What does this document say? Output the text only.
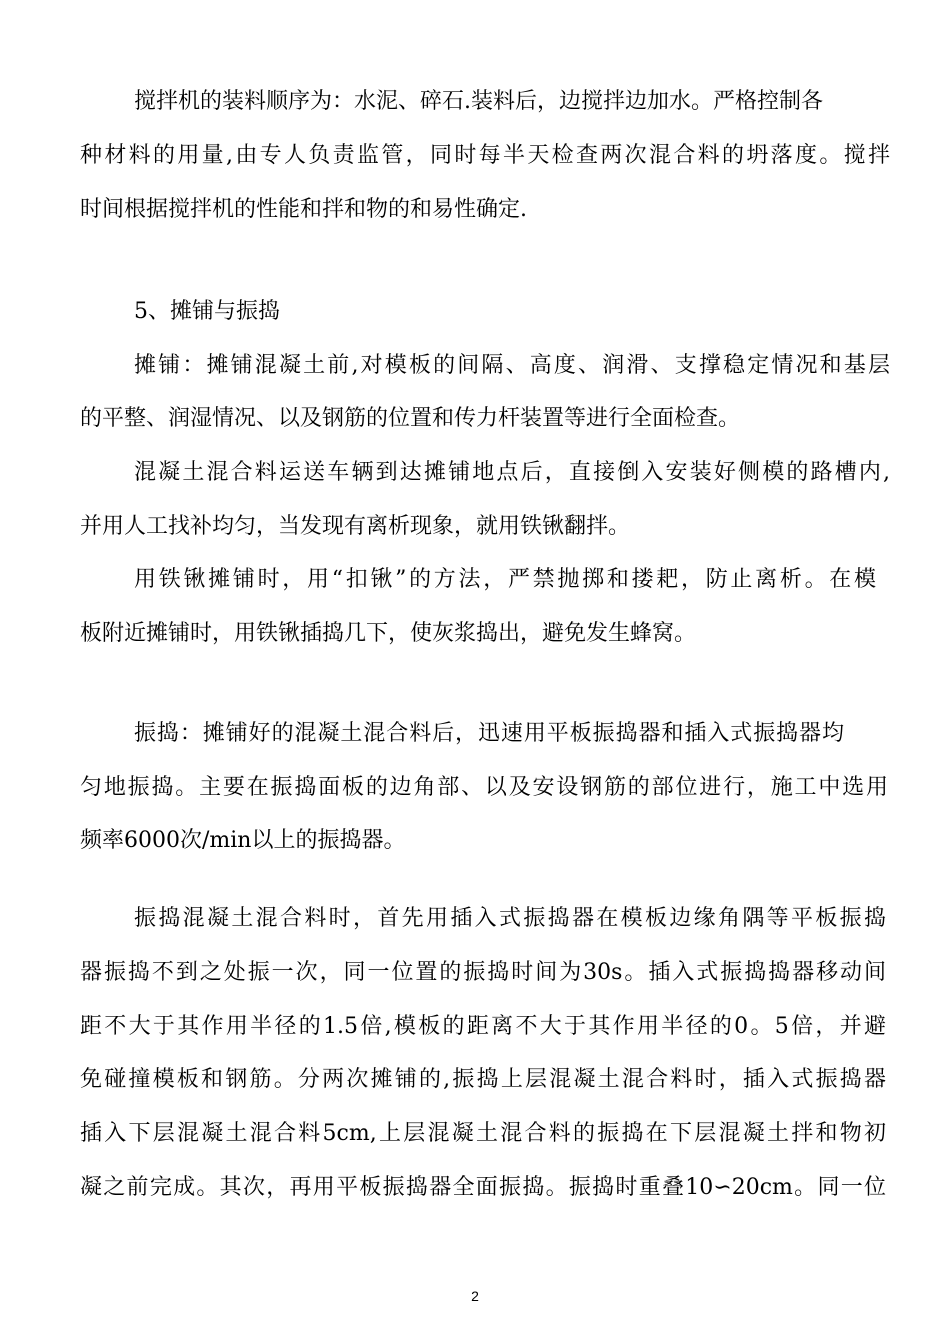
搅拌机的装料顺序为：水泥、碎石.装料后，边搅拌边加水。严格控制各
种材料的用量,由专人负责监管，同时每半天检查两次混合料的坍落度。搅拌
时间根据搅拌机的性能和拌和物的和易性确定.
5、摊铺与振捣
摊铺：摊铺混凝土前,对模板的间隔、高度、润滑、支撑稳定情况和基层
的平整、润湿情况、以及钢筋的位置和传力杆装置等进行全面检查。
混凝土混合料运送车辆到达摊铺地点后，直接倒入安装好侧模的路槽内,
并用人工找补均匀，当发现有离析现象，就用铁锹翻拌。
用铁锹摊铺时，用“扣锹”的方法，严禁抛掷和搂耙，防止离析。在模
板附近摊铺时，用铁锹插捣几下，使灰浆捣出，避免发生蜂窝。
振捣：摊铺好的混凝土混合料后，迅速用平板振捣器和插入式振捣器均
匀地振捣。主要在振捣面板的边角部、以及安设钢筋的部位进行，施工中选用
频率6000次/min以上的振捣器。
振捣混凝土混合料时，首先用插入式振捣器在模板边缘角隅等平板振捣
器振捣不到之处振一次，同一位置的振捣时间为30s。插入式振捣捣器移动间
距不大于其作用半径的1.5倍,模板的距离不大于其作用半径的0。5倍，并避
免碰撞模板和钢筋。分两次摊铺的,振捣上层混凝土混合料时，插入式振捣器
插入下层混凝土混合料5cm,上层混凝土混合料的振捣在下层混凝土拌和物初
凝之前完成。其次，再用平板振捣器全面振捣。振捣时重叠10∽20cm。同一位
2
